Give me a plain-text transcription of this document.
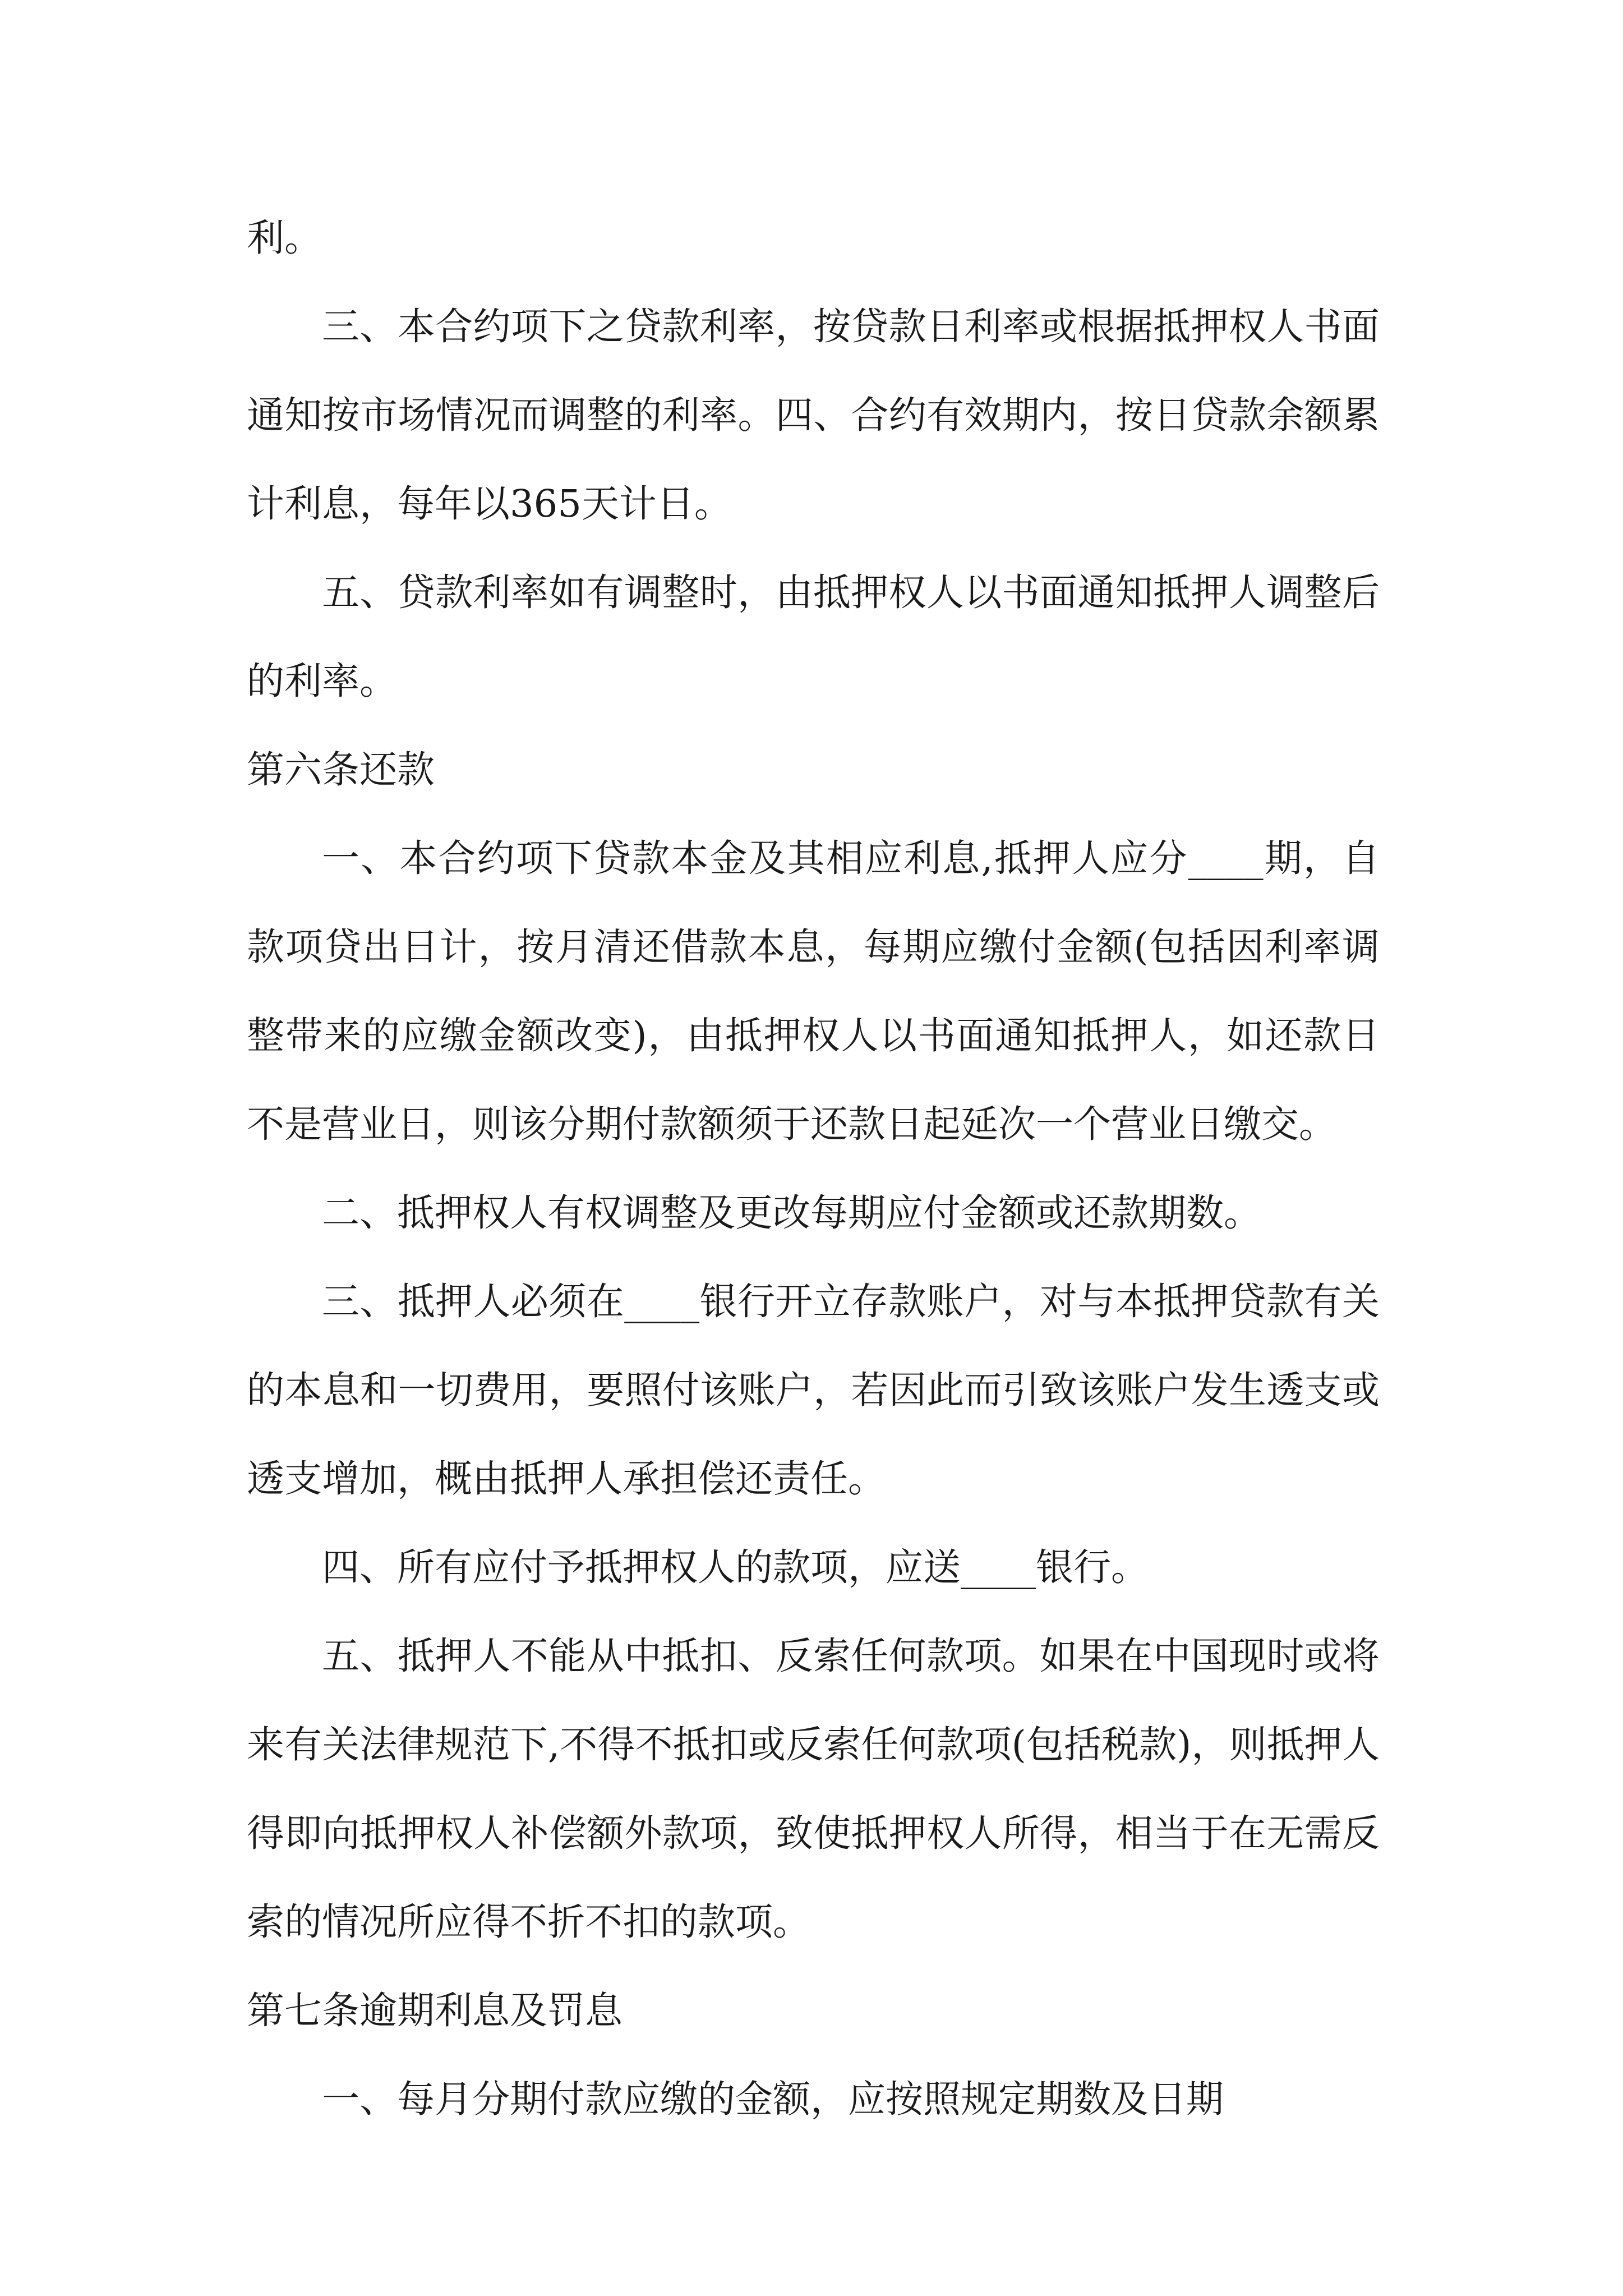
利。

三、本合约项下之贷款利率，按贷款日利率或根据抵押权人书面通知按市场情况而调整的利率。四、合约有效期内，按日贷款余额累计利息，每年以365天计日。

五、贷款利率如有调整时，由抵押权人以书面通知抵押人调整后的利率。

第六条还款

一、本合约项下贷款本金及其相应利息,抵押人应分____期，自款项贷出日计，按月清还借款本息，每期应缴付金额(包括因利率调整带来的应缴金额改变)，由抵押权人以书面通知抵押人，如还款日不是营业日，则该分期付款额须于还款日起延次一个营业日缴交。

二、抵押权人有权调整及更改每期应付金额或还款期数。

三、抵押人必须在____银行开立存款账户，对与本抵押贷款有关的本息和一切费用，要照付该账户，若因此而引致该账户发生透支或透支增加，概由抵押人承担偿还责任。

四、所有应付予抵押权人的款项，应送____银行。

五、抵押人不能从中抵扣、反索任何款项。如果在中国现时或将来有关法律规范下,不得不抵扣或反索任何款项(包括税款)，则抵押人得即向抵押权人补偿额外款项，致使抵押权人所得，相当于在无需反索的情况所应得不折不扣的款项。

第七条逾期利息及罚息

一、每月分期付款应缴的金额，应按照规定期数及日期
